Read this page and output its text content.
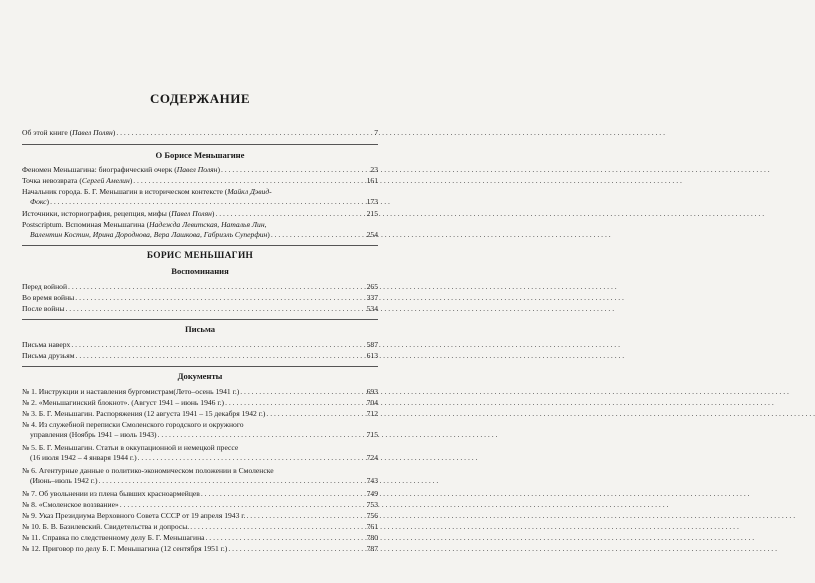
СОДЕРЖАНИЕ
Об этой книге (Павел Полян) . . .	7
О Борисе Меньшагине
Феномен Меньшагина: биографический очерк (Павел Полян) . . .	23
Точка невозврата (Сергей Амелин) . . .	161
Начальник города. Б. Г. Меньшагин в историческом контексте (Майкл Дэвид-
Фокс) . . .	173
Источники, историография, рецепция, мифы (Павел Полян) . . .	215
Postscriptum. Вспоминая Меньшагина (Надежда Левитская, Наталья Лин,
Валентин Костин, Ирина Дороднова, Вера Лашкова, Габриэль Суперфин) . . .	254
БОРИС МЕНЬШАГИН
Воспоминания
Перед войной . . .	265
Во время войны . . .	337
После войны . . .	534
Письма
Письма наверх . . .	587
Письма друзьям . . .	613
Документы
№ 1. Инструкции и наставления бургомистрам(Лето–осень 1941 г.) . . .	693
№ 2. «Меньшагинский блокнот». (Август 1941 – июнь 1946 г.) . . .	704
№ 3. Б. Г. Меньшагин. Распоряжения (12 августа 1941 – 15 декабря 1942 г.) . . .	712
№ 4. Из служебной переписки Смоленского городского и окружного
управления (Ноябрь 1941 – июль 1943) . . .	715
№ 5. Б. Г. Меньшагин. Статьи в оккупационной и немецкой прессе
(16 июля 1942 – 4 января 1944 г.) . . .	724
№ 6. Агентурные данные о политико-экономическом положении в Смоленске
(Июнь–июль 1942 г.) . . .	743
№ 7. Об увольнении из плена бывших красноармейцев . . .	749
№ 8. «Смоленское воззвание» . . .	753
№ 9. Указ Президиума Верховного Совета СССР от 19 апреля 1943 г. . . .	756
№ 10. Б. В. Базилевский. Свидетельства и допросы. . . .	761
№ 11. Справка по следственному делу Б. Г. Меньшагина . . .	780
№ 12. Приговор по делу Б. Г. Меньшагина (12 сентября 1951 г.) . . .	787
